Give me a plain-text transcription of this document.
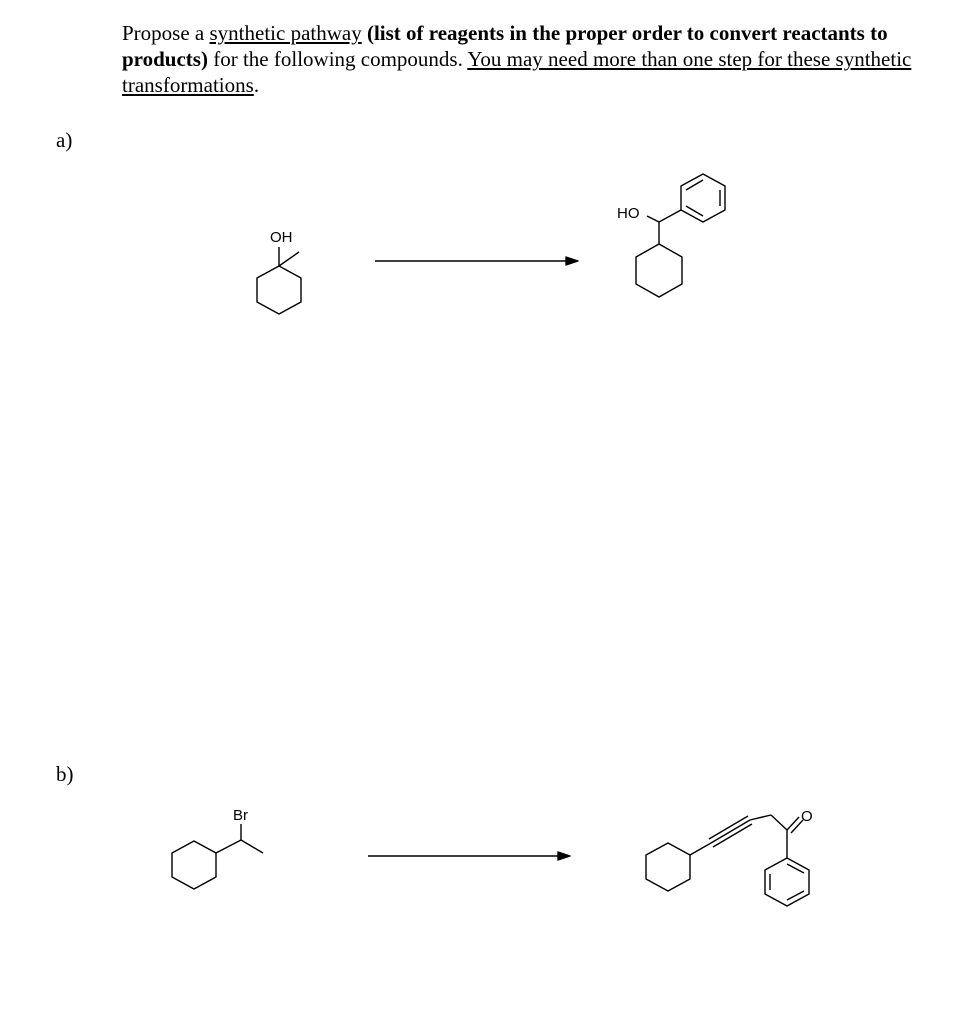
Propose a synthetic pathway (list of reagents in the proper order to convert reactants to products) for the following compounds. You may need more than one step for these synthetic transformations.
a)
b)
OH
HO
Br	O
